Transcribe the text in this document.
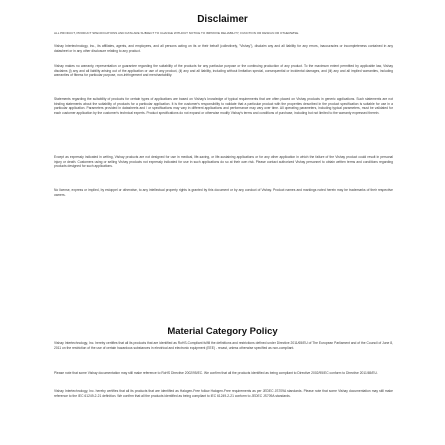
Disclaimer

ALL PRODUCT, PRODUCT SPECIFICATIONS AND DATA ARE SUBJECT TO CHANGE WITHOUT NOTICE TO IMPROVE RELIABILITY, FUNCTION OR DESIGN OR OTHERWISE.

Vishay Intertechnology, Inc., its affiliates, agents, and employees, and all persons acting on its or their behalf (collectively, "Vishay"), disclaim any and all liability for any errors, inaccuracies or incompleteness contained in any datasheet or in any other disclosure relating to any product.

Vishay makes no warranty, representation or guarantee regarding the suitability of the products for any particular purpose or the continuing production of any product. To the maximum extent permitted by applicable law, Vishay disclaims (i) any and all liability arising out of the application or use of any product, (ii) any and all liability, including without limitation special, consequential or incidental damages, and (iii) any and all implied warranties, including warranties of fitness for particular purpose, non-infringement and merchantability.

Statements regarding the suitability of products for certain types of applications are based on Vishay's knowledge of typical requirements that are often placed on Vishay products in generic applications. Such statements are not binding statements about the suitability of products for a particular application. It is the customer's responsibility to validate that a particular product with the properties described in the product specification is suitable for use in a particular application. Parameters provided in datasheets and / or specifications may vary in different applications and performance may vary over time. All operating parameters, including typical parameters, must be validated for each customer application by the customer's technical experts. Product specifications do not expand or otherwise modify Vishay's terms and conditions of purchase, including but not limited to the warranty expressed therein.

Except as expressly indicated in writing, Vishay products are not designed for use in medical, life-saving, or life-sustaining applications or for any other application in which the failure of the Vishay product could result in personal injury or death. Customers using or selling Vishay products not expressly indicated for use in such applications do so at their own risk. Please contact authorized Vishay personnel to obtain written terms and conditions regarding products designed for such applications.

No license, express or implied, by estoppel or otherwise, to any intellectual property rights is granted by this document or by any conduct of Vishay. Product names and markings noted herein may be trademarks of their respective owners.

Material Category Policy

Vishay Intertechnology, Inc. hereby certifies that all its products that are identified as RoHS-Compliant fulfill the definitions and restrictions defined under Directive 2011/65/EU of The European Parliament and of the Council of June 8, 2011 on the restriction of the use of certain hazardous substances in electrical and electronic equipment (EEE) - recast, unless otherwise specified as non-compliant.

Please note that some Vishay documentation may still make reference to RoHS Directive 2002/95/EC. We confirm that all the products identified as being compliant to Directive 2002/95/EC conform to Directive 2011/65/EU.

Vishay Intertechnology, Inc. hereby certifies that all its products that are identified as Halogen-Free follow Halogen-Free requirements as per JEDEC JS709A standards. Please note that some Vishay documentation may still make reference to the IEC 61249-2-21 definition. We confirm that all the products identified as being compliant to IEC 61249-2-21 conform to JEDEC JS709A standards.
